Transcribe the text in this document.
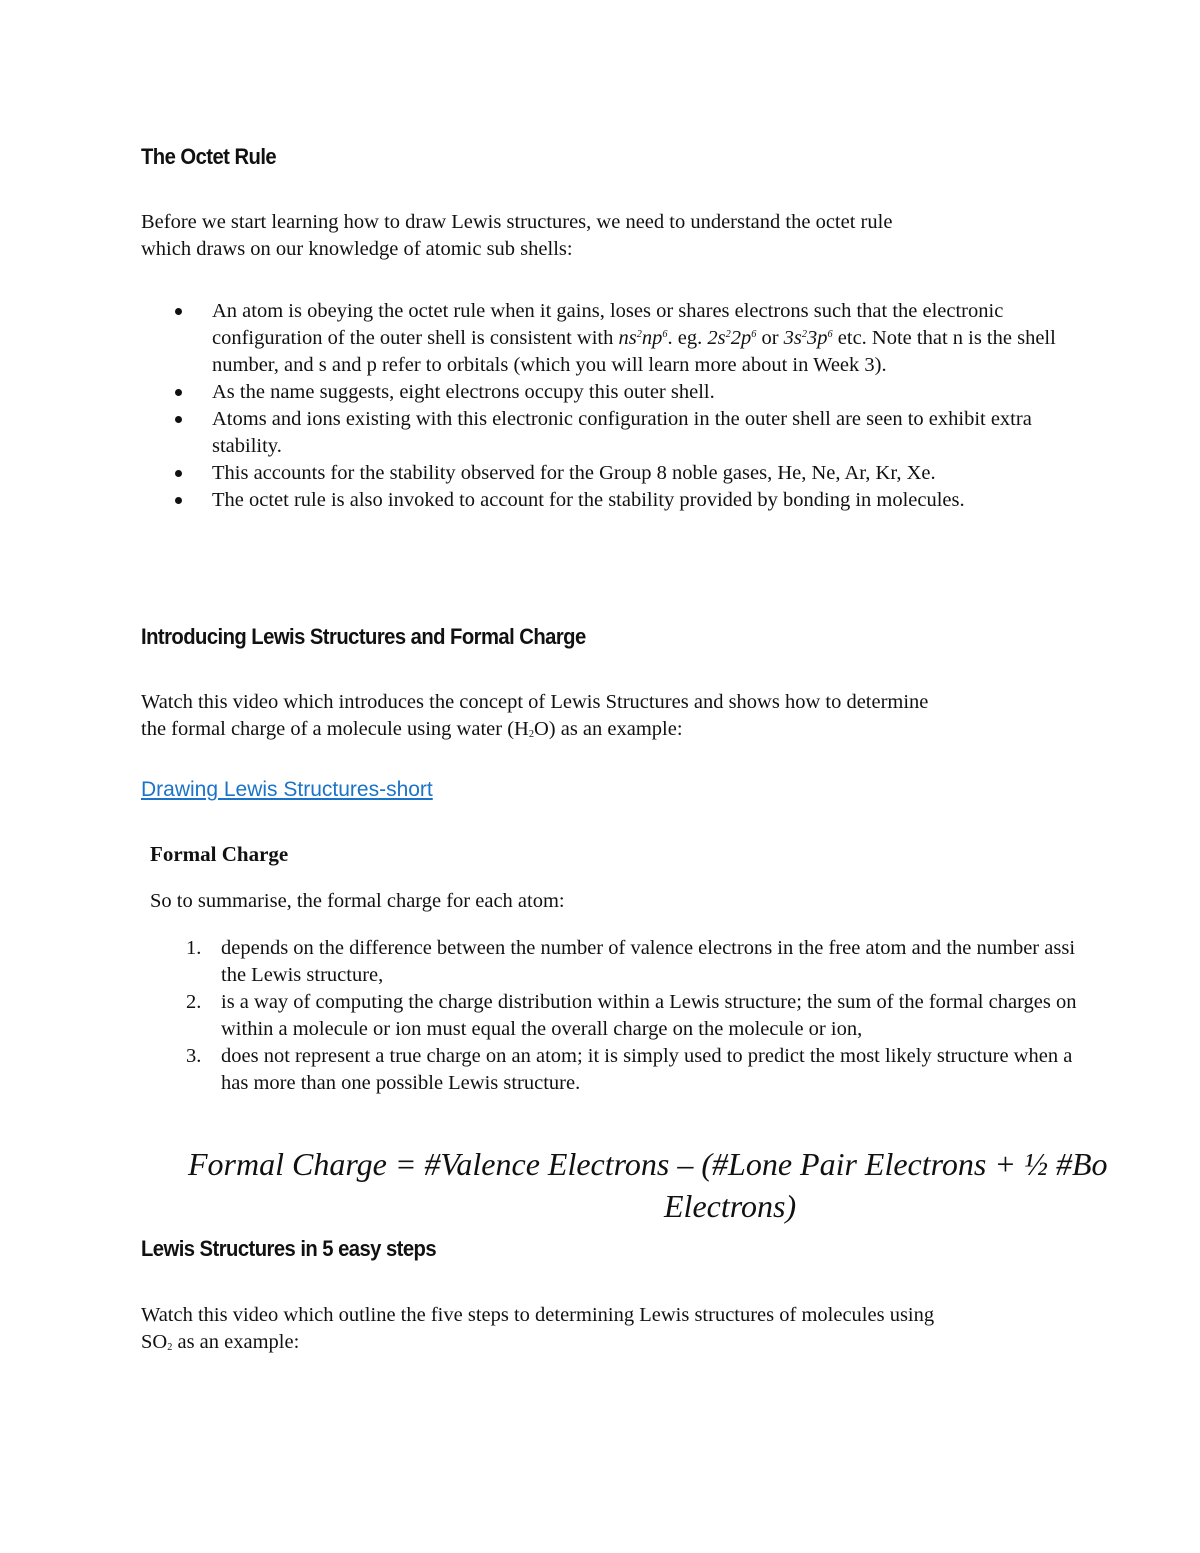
The Octet Rule

Before we start learning how to draw Lewis structures, we need to understand the octet rule
which draws on our knowledge of atomic sub shells:

An atom is obeying the octet rule when it gains, loses or shares electrons such that the electronic configuration of the outer shell is consistent with $ns^2np^6$. eg. $2s^22p^6$ or $3s^23p^6$ etc. Note that n is the shell number, and s and p refer to orbitals (which you will learn more about in Week 3).
As the name suggests, eight electrons occupy this outer shell.
Atoms and ions existing with this electronic configuration in the outer shell are seen to exhibit extra stability.
This accounts for the stability observed for the Group 8 noble gases, He, Ne, Ar, Kr, Xe.
The octet rule is also invoked to account for the stability provided by bonding in molecules.
Introducing Lewis Structures and Formal Charge

Watch this video which introduces the concept of Lewis Structures and shows how to determine
the formal charge of a molecule using water $(H_2O)$ as an example:

Drawing Lewis Structures-short
Formal Charge

So to summarise, the formal charge for each atom:

1. depends on the difference between the number of valence electrons in the free atom and the number assi
the Lewis structure,
2. is a way of computing the charge distribution within a Lewis structure; the sum of the formal charges on
within a molecule or ion must equal the overall charge on the molecule or ion,
3. does not represent a true charge on an atom; it is simply used to predict the most likely structure when a
has more than one possible Lewis structure.

Formal Charge = #Valence Electrons – (#Lone Pair Electrons + ½ #Bo
Electrons)

Lewis Structures in 5 easy steps

Watch this video which outline the five steps to determining Lewis structures of molecules using
$SO_2$ as an example:
